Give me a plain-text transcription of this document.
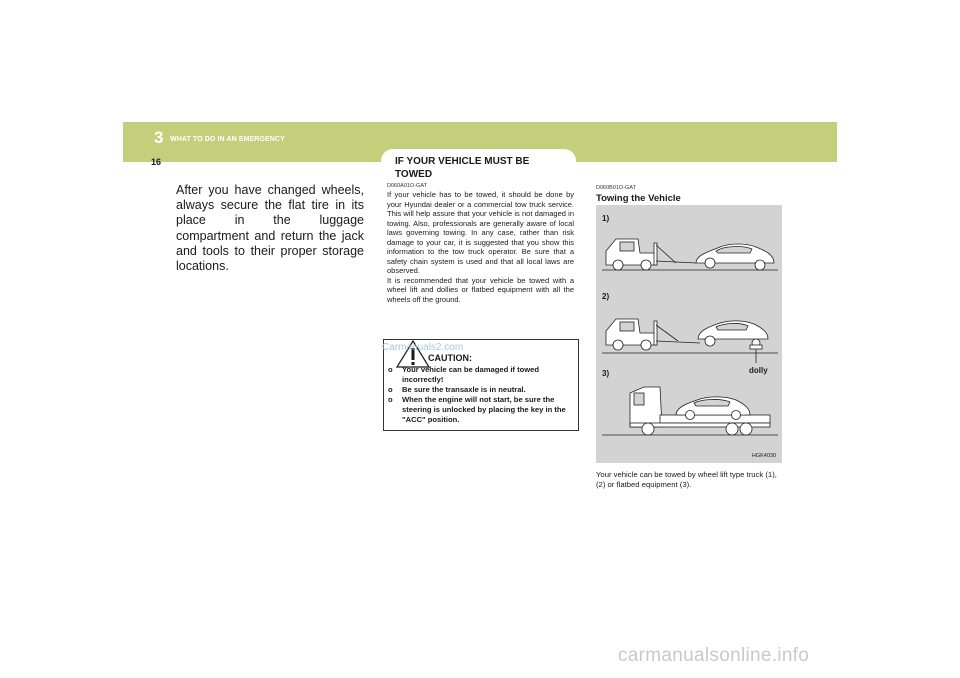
3 WHAT TO DO IN AN EMERGENCY
16	IF YOUR VEHICLE MUST BE TOWED
After you have changed wheels, always secure the flat tire in its place in the luggage compartment and return the jack and tools to their proper storage locations.
D060A01O-GAT

If your vehicle has to be towed, it should be done by your Hyundai dealer or a commercial tow truck service. This will help assure that your vehicle is not damaged in towing. Also, professionals are generally aware of local laws governing towing. In any case, rather than risk damage to your car, it is suggested that you show this information to the tow truck operator. Be sure that a safety chain system is used and that all local laws are observed.

It is recommended that your vehicle be towed with a wheel lift and dollies or flatbed equipment with all the wheels off the ground.

CAUTION:
o	Your vehicle can be damaged if towed incorrectly!
o	Be sure the transaxle is in neutral.
o	When the engine will not start, be sure the steering is unlocked by placing the key in the "ACC" position.
Carmanuals2.com
D060B01O-GAT
Towing the Vehicle
1)
2)
3)	dolly
HGK4030
Your vehicle can be towed by wheel lift type truck (1), (2) or flatbed equipment (3).
carmanualsonline.info
